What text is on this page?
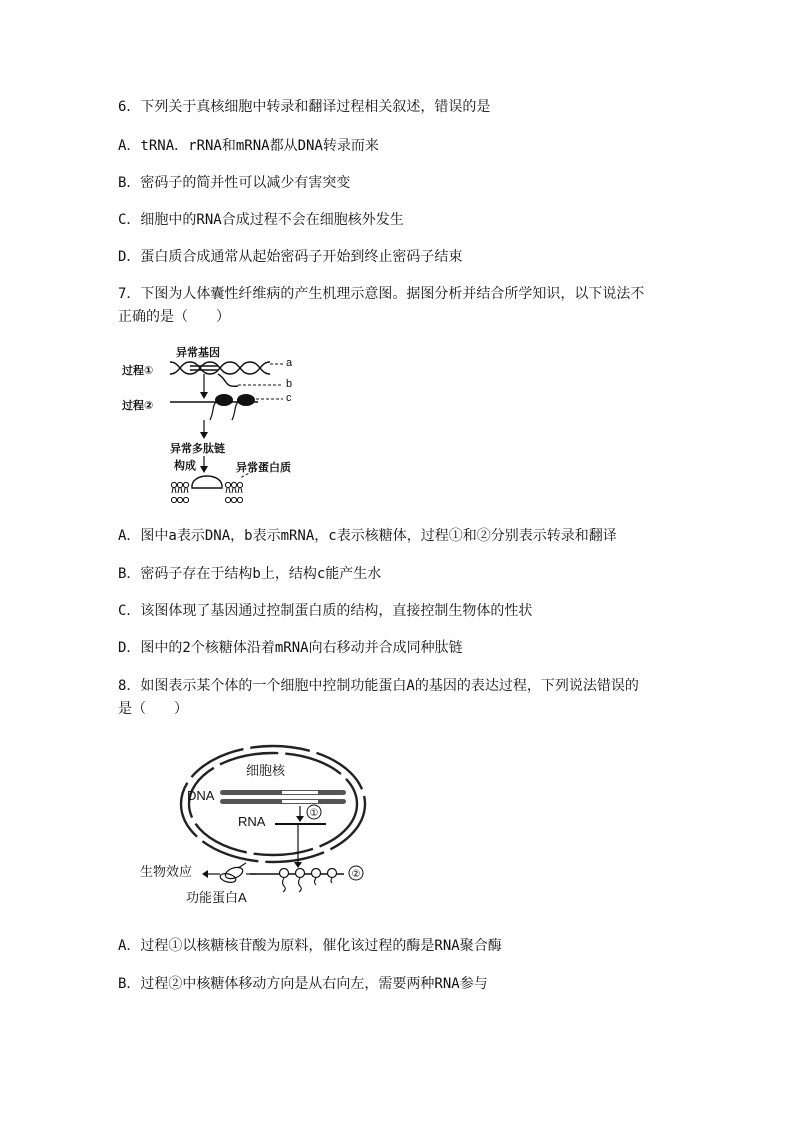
6．下列关于真核细胞中转录和翻译过程相关叙述，错误的是
A．tRNA．rRNA和mRNA都从DNA转录而来
B．密码子的简并性可以减少有害突变
C．细胞中的RNA合成过程不会在细胞核外发生
D．蛋白质合成通常从起始密码子开始到终止密码子结束
7．下图为人体囊性纤维病的产生机理示意图。据图分析并结合所学知识，以下说法不
正确的是（　　）
异常基因
过程①
过程②
a
b
c
异常多肽链
构成	异常蛋白质
A．图中a表示DNA，b表示mRNA，c表示核糖体，过程①和②分别表示转录和翻译
B．密码子存在于结构b上，结构c能产生水
C．该图体现了基因通过控制蛋白质的结构，直接控制生物体的性状
D．图中的2个核糖体沿着mRNA向右移动并合成同种肽链
8．如图表示某个体的一个细胞中控制功能蛋白A的基因的表达过程，下列说法错误的
是（　　）
细胞核
DNA
RNA
生物效应
功能蛋白A
①
②
A．过程①以核糖核苷酸为原料，催化该过程的酶是RNA聚合酶
B．过程②中核糖体移动方向是从右向左，需要两种RNA参与
